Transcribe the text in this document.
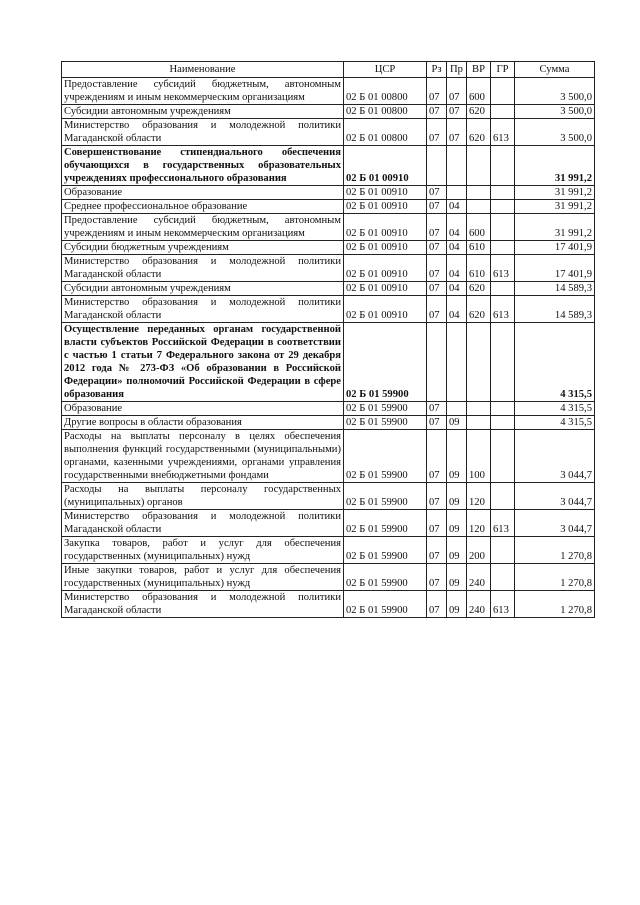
Наименование	ЦСР	Рз	Пр	ВР	ГР	Сумма
Предоставление субсидий бюджетным, автономным учреждениям и иным некоммерческим организациям	02 Б 01 00800	07	07	600		3 500,0
Субсидии автономным учреждениям	02 Б 01 00800	07	07	620		3 500,0
Министерство образования и молодежной политики Магаданской области	02 Б 01 00800	07	07	620	613	3 500,0
Совершенствование стипендиального обеспечения обучающихся в государственных образовательных учреждениях профессионального образования	02 Б 01 00910					31 991,2
Образование	02 Б 01 00910	07				31 991,2
Среднее профессиональное образование	02 Б 01 00910	07	04			31 991,2
Предоставление субсидий бюджетным, автономным учреждениям и иным некоммерческим организациям	02 Б 01 00910	07	04	600		31 991,2
Субсидии бюджетным учреждениям	02 Б 01 00910	07	04	610		17 401,9
Министерство образования и молодежной политики Магаданской области	02 Б 01 00910	07	04	610	613	17 401,9
Субсидии автономным учреждениям	02 Б 01 00910	07	04	620		14 589,3
Министерство образования и молодежной политики Магаданской области	02 Б 01 00910	07	04	620	613	14 589,3
Осуществление переданных органам государственной власти субъектов Российской Федерации в соответствии с частью 1 статьи 7 Федерального закона от 29 декабря 2012 года № 273-ФЗ «Об образовании в Российской Федерации» полномочий Российской Федерации в сфере образования	02 Б 01 59900					4 315,5
Образование	02 Б 01 59900	07				4 315,5
Другие вопросы в области образования	02 Б 01 59900	07	09			4 315,5
Расходы на выплаты персоналу в целях обеспечения выполнения функций государственными (муниципальными) органами, казенными учреждениями, органами управления государственными внебюджетными фондами	02 Б 01 59900	07	09	100		3 044,7
Расходы на выплаты персоналу государственных (муниципальных) органов	02 Б 01 59900	07	09	120		3 044,7
Министерство образования и молодежной политики Магаданской области	02 Б 01 59900	07	09	120	613	3 044,7
Закупка товаров, работ и услуг для обеспечения государственных (муниципальных) нужд	02 Б 01 59900	07	09	200		1 270,8
Иные закупки товаров, работ и услуг для обеспечения государственных (муниципальных) нужд	02 Б 01 59900	07	09	240		1 270,8
Министерство образования и молодежной политики Магаданской области	02 Б 01 59900	07	09	240	613	1 270,8
